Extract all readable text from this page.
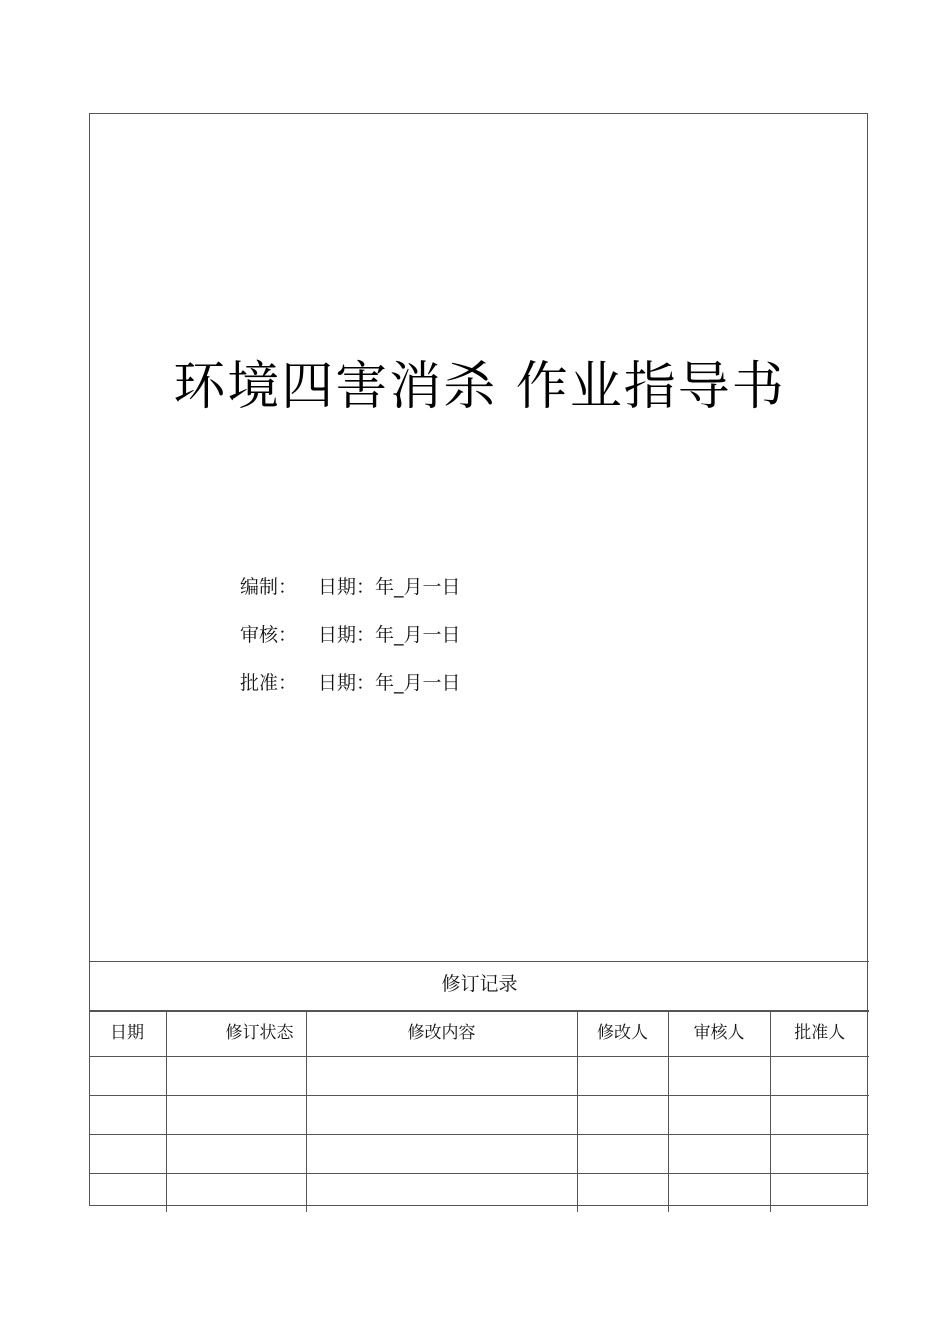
环境四害消杀 作业指导书
编制： 日期：年_月一日
审核： 日期：年_月一日
批准： 日期：年_月一日
修订记录
日期	修订状态	修改内容	修改人	审核人	批准人
